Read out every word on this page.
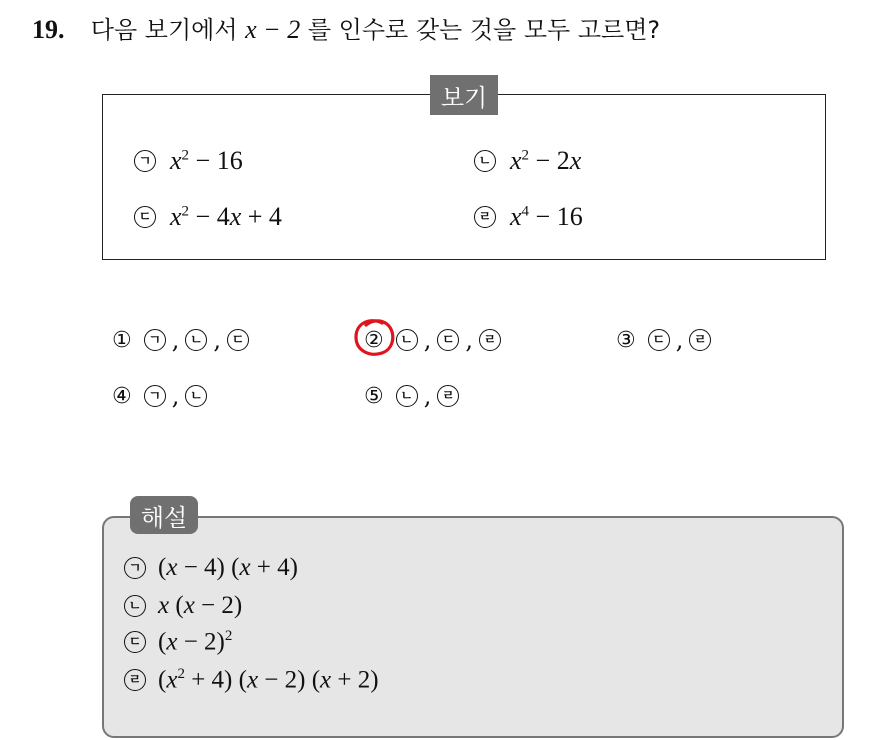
19. 다음 보기에서 x − 2 를 인수로 갖는 것을 모두 고르면?
보기
ㄱ $x^2 - 16$	ㄴ $x^2 - 2x$
ㄷ $x^2 - 4x + 4$	ㄹ $x^4 - 16$
①	ㄱ , ㄴ , ㄷ	②	ㄴ , ㄷ , ㄹ	③	ㄷ , ㄹ
④	ㄱ , ㄴ	⑤	ㄴ , ㄹ
해설
ㄱ (x − 4) (x + 4)
ㄴ x (x − 2)
ㄷ $(x - 2)^2$
ㄹ $(x^2 + 4) (x - 2) (x + 2)$
